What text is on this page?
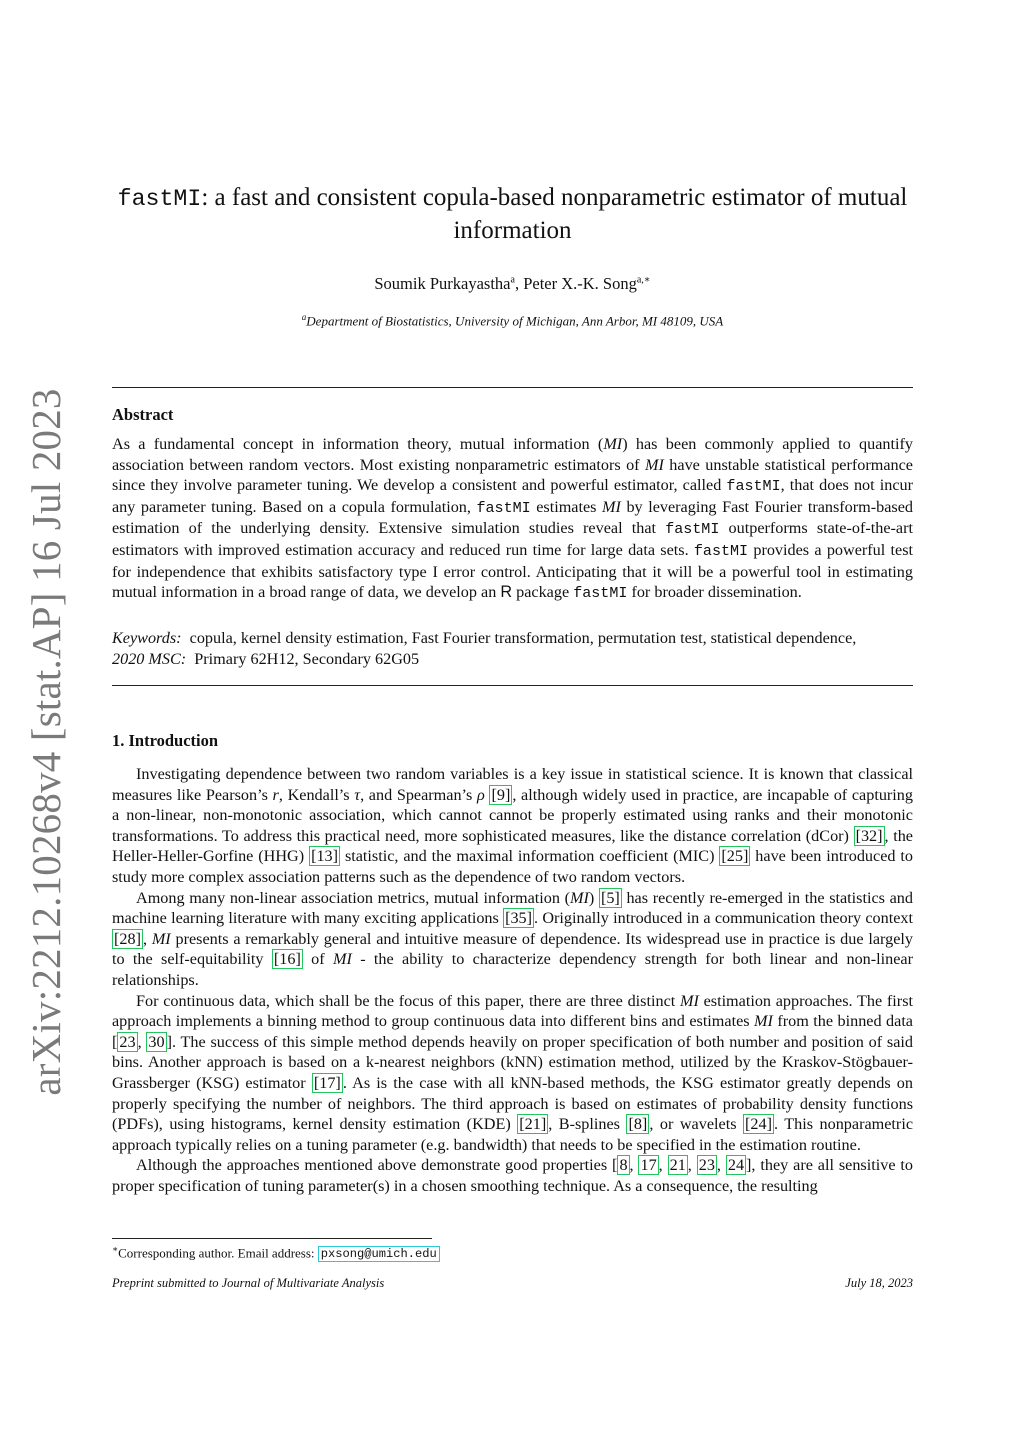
arXiv:2212.10268v4 [stat.AP] 16 Jul 2023
fastMI: a fast and consistent copula-based nonparametric estimator of mutual information
Soumik Purkayastha$^a$, Peter X.-K. Song$^{a,∗}$
$^a$Department of Biostatistics, University of Michigan, Ann Arbor, MI 48109, USA
Abstract

As a fundamental concept in information theory, mutual information (MI) has been commonly applied to quantify association between random vectors. Most existing nonparametric estimators of MI have unstable statistical performance since they involve parameter tuning. We develop a consistent and powerful estimator, called fastMI, that does not incur any parameter tuning. Based on a copula formulation, fastMI estimates MI by leveraging Fast Fourier transform-based estimation of the underlying density. Extensive simulation studies reveal that fastMI outperforms state-of-the-art estimators with improved estimation accuracy and reduced run time for large data sets. fastMI provides a powerful test for independence that exhibits satisfactory type I error control. Anticipating that it will be a powerful tool in estimating mutual information in a broad range of data, we develop an R package fastMI for broader dissemination.

Keywords: copula, kernel density estimation, Fast Fourier transformation, permutation test, statistical dependence,
2020 MSC: Primary 62H12, Secondary 62G05
1. Introduction

Investigating dependence between two random variables is a key issue in statistical science. It is known that classical measures like Pearson’s r, Kendall’s τ, and Spearman’s ρ [9] , although widely used in practice, are incapable of capturing a non-linear, non-monotonic association, which cannot cannot be properly estimated using ranks and their monotonic transformations. To address this practical need, more sophisticated measures, like the distance correlation (dCor) [32] , the Heller-Heller-Gorfine (HHG) [13] statistic, and the maximal information coefficient (MIC) [25] have been introduced to study more complex association patterns such as the dependence of two random vectors.

Among many non-linear association metrics, mutual information (MI) [5] has recently re-emerged in the statistics and machine learning literature with many exciting applications [35] . Originally introduced in a communication theory context [28] , MI presents a remarkably general and intuitive measure of dependence. Its widespread use in practice is due largely to the self-equitability [16] of MI - the ability to characterize dependency strength for both linear and non-linear relationships.

For continuous data, which shall be the focus of this paper, there are three distinct MI estimation approaches. The first approach implements a binning method to group continuous data into different bins and estimates MI from the binned data [ 23 , 30 ]. The success of this simple method depends heavily on proper specification of both number and position of said bins. Another approach is based on a k-nearest neighbors (kNN) estimation method, utilized by the Kraskov-Stögbauer-Grassberger (KSG) estimator [17] . As is the case with all kNN-based methods, the KSG estimator greatly depends on properly specifying the number of neighbors. The third approach is based on estimates of probability density functions (PDFs), using histograms, kernel density estimation (KDE) [21] , B-splines [8] , or wavelets [24] . This nonparametric approach typically relies on a tuning parameter (e.g. bandwidth) that needs to be specified in the estimation routine.

Although the approaches mentioned above demonstrate good properties [ 8 , 17 , 21 , 23 , 24 ], they are all sensitive to proper specification of tuning parameter(s) in a chosen smoothing technique. As a consequence, the resulting

∗Corresponding author. Email address: pxsong@umich.edu
Preprint submitted to Journal of Multivariate Analysis	July 18, 2023
